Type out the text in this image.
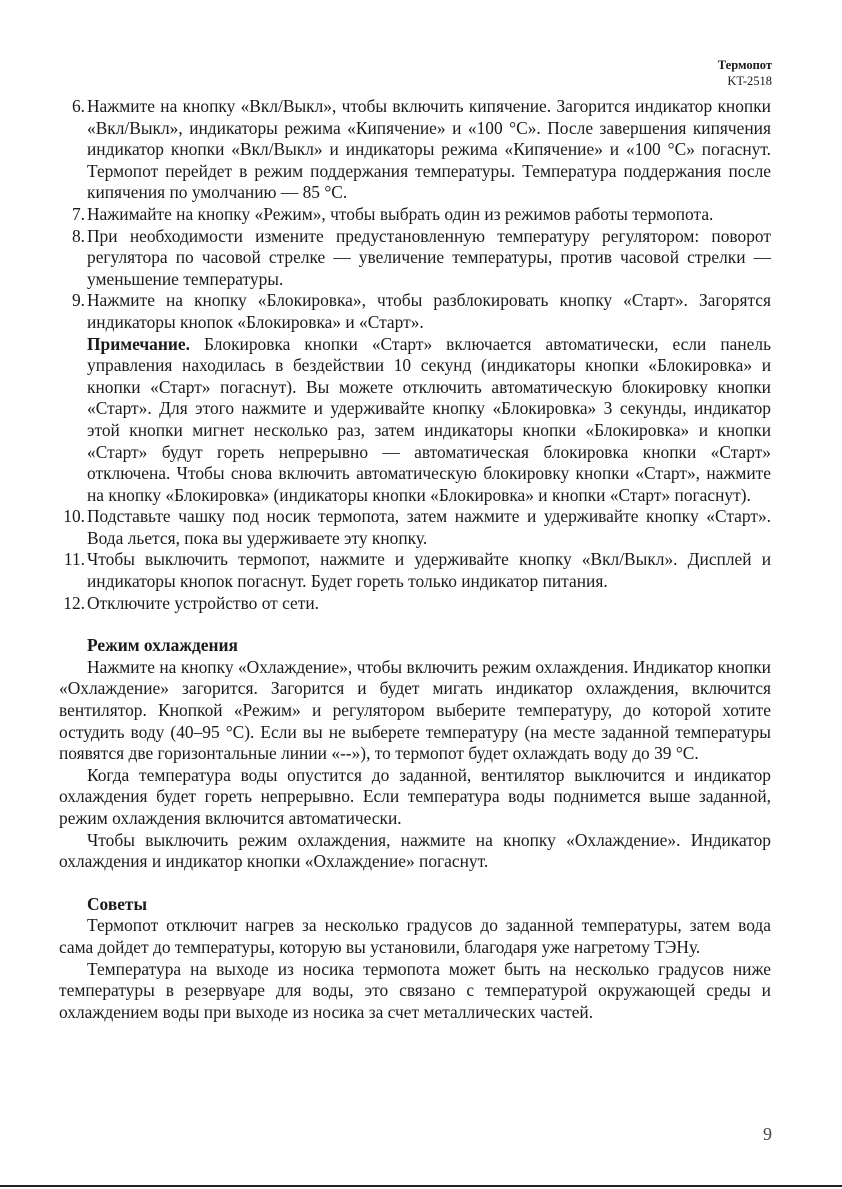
Термопот
KT-2518
6. Нажмите на кнопку «Вкл/Выкл», чтобы включить кипячение. Загорится индикатор кнопки «Вкл/Выкл», индикаторы режима «Кипячение» и «100 °С». После завершения кипячения индикатор кнопки «Вкл/Выкл» и индикаторы режима «Кипячение» и «100 °С» погаснут. Термопот перейдет в режим поддержания температуры. Температура поддержания после кипячения по умолчанию — 85 °С.
7. Нажимайте на кнопку «Режим», чтобы выбрать один из режимов работы термопота.
8. При необходимости измените предустановленную температуру регулятором: поворот регулятора по часовой стрелке — увеличение температуры, против часовой стрелки — уменьшение температуры.
9. Нажмите на кнопку «Блокировка», чтобы разблокировать кнопку «Старт». Загорятся индикаторы кнопок «Блокировка» и «Старт».

Примечание. Блокировка кнопки «Старт» включается автоматически, если панель управления находилась в бездействии 10 секунд (индикаторы кнопки «Блокировка» и кнопки «Старт» погаснут). Вы можете отключить автоматическую блокировку кнопки «Старт». Для этого нажмите и удерживайте кнопку «Блокировка» 3 секунды, индикатор этой кнопки мигнет несколько раз, затем индикаторы кнопки «Блокировка» и кнопки «Старт» будут гореть непрерывно — автоматическая блокировка кнопки «Старт» отключена. Чтобы снова включить автоматическую блокировку кнопки «Старт», нажмите на кнопку «Блокировка» (индикаторы кнопки «Блокировка» и кнопки «Старт» погаснут).

10. Подставьте чашку под носик термопота, затем нажмите и удерживайте кнопку «Старт». Вода льется, пока вы удерживаете эту кнопку.
11. Чтобы выключить термопот, нажмите и удерживайте кнопку «Вкл/Выкл». Дисплей и индикаторы кнопок погаснут. Будет гореть только индикатор питания.
12. Отключите устройство от сети.
Режим охлаждения

Нажмите на кнопку «Охлаждение», чтобы включить режим охлаждения. Индикатор кнопки «Охлаждение» загорится. Загорится и будет мигать индикатор охлаждения, включится вентилятор. Кнопкой «Режим» и регулятором выберите температуру, до которой хотите остудить воду (40–95 °С). Если вы не выберете температуру (на месте заданной температуры появятся две горизонтальные линии «--»), то термопот будет охлаждать воду до 39 °С.

Когда температура воды опустится до заданной, вентилятор выключится и индикатор охлаждения будет гореть непрерывно. Если температура воды поднимется выше заданной, режим охлаждения включится автоматически.

Чтобы выключить режим охлаждения, нажмите на кнопку «Охлаждение». Индикатор охлаждения и индикатор кнопки «Охлаждение» погаснут.

Советы

Термопот отключит нагрев за несколько градусов до заданной температуры, затем вода сама дойдет до температуры, которую вы установили, благодаря уже нагретому ТЭНу.

Температура на выходе из носика термопота может быть на несколько градусов ниже температуры в резервуаре для воды, это связано с температурой окружающей среды и охлаждением воды при выходе из носика за счет металлических частей.

9
